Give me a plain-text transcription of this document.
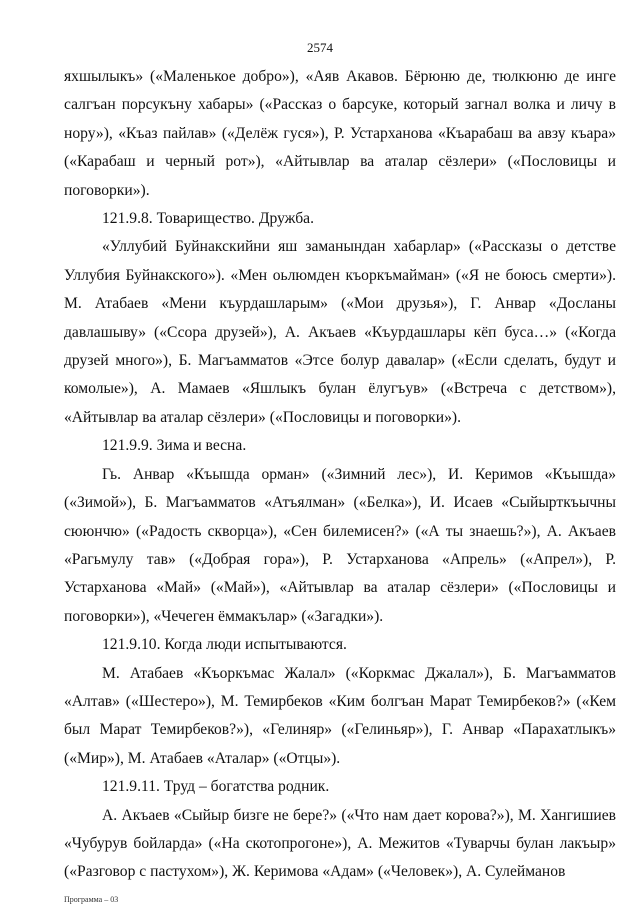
2574

яхшылыкъ» («Маленькое добро»), «Аяв Акавов. Бёрюню де, тюлкюню де инге салгъан порсукъну хабары» («Рассказ о барсуке, который загнал волка и личу в нору»), «Къаз пайлав» («Делёж гуся»), Р. Устарханова «Къарабаш ва авзу къара» («Карабаш и черный рот»), «Айтывлар ва аталар сёзлери» («Пословицы и поговорки»).

121.9.8. Товарищество. Дружба.

«Уллубий Буйнакскийни яш заманындан хабарлар» («Рассказы о детстве Уллубия Буйнакского»). «Мен оьлюмден къоркъмайман» («Я не боюсь смерти»). М. Атабаев «Мени къурдашларым» («Мои друзья»), Г. Анвар «Досланы давлашыву» («Ссора друзей»), А. Акъаев «Къурдашлары кёп буса…» («Когда друзей много»), Б. Магъамматов «Этсе болур давалар» («Если сделать, будут и комолые»), А. Мамаев «Яшлыкъ булан ёлугъув» («Встреча с детством»), «Айтывлар ва аталар сёзлери» («Пословицы и поговорки»).

121.9.9. Зима и весна.

Гь. Анвар «Къышда орман» («Зимний лес»), И. Керимов «Къышда» («Зимой»), Б. Магъамматов «Атъялман» («Белка»), И. Исаев «Сыйырткъычны сююнчю» («Радость скворца»), «Сен билемисен?» («А ты знаешь?»), А. Акъаев «Рагьмулу тав» («Добрая гора»), Р. Устарханова «Апрель» («Апрел»), Р. Устарханова «Май» («Май»), «Айтывлар ва аталар сёзлери» («Пословицы и поговорки»), «Чечеген ёммакълар» («Загадки»).

121.9.10. Когда люди испытываются.

М. Атабаев «Къоркъмас Жалал» («Коркмас Джалал»), Б. Магъамматов «Алтав» («Шестеро»), М. Темирбеков «Ким болгъан Марат Темирбеков?» («Кем был Марат Темирбеков?»), «Гелиняр» («Гелиньяр»), Г. Анвар «Парахатлыкъ» («Мир»), М. Атабаев «Аталар» («Отцы»).

121.9.11. Труд – богатства родник.

А. Акъаев «Сыйыр бизге не бере?» («Что нам дает корова?»), М. Хангишиев «Чубурув бойларда» («На скотопрогоне»), А. Межитов «Туварчы булан лакъыр» («Разговор с пастухом»), Ж. Керимова «Адам» («Человек»), А. Сулейманов

Программа – 03
